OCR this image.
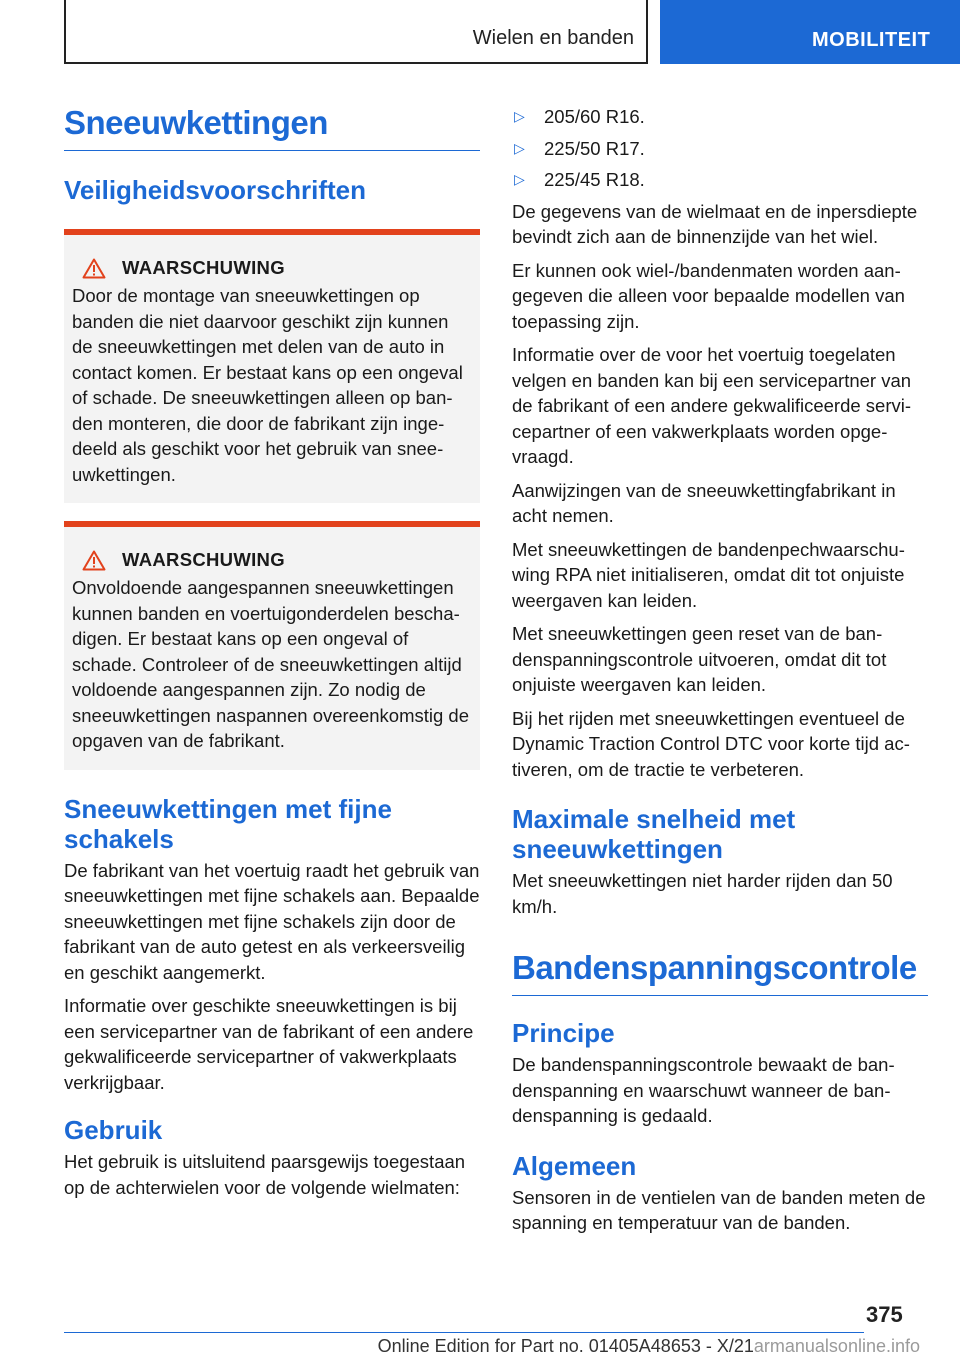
Wielen en banden	MOBILITEIT
Sneeuwkettingen
Veiligheidsvoorschriften
WAARSCHUWING

Door de montage van sneeuwkettingen op banden die niet daarvoor geschikt zijn kunnen de sneeuwkettingen met delen van de auto in contact komen. Er bestaat kans op een ongeval of schade. De sneeuwkettingen alleen op banden monteren, die door de fabrikant zijn ingedeeld als geschikt voor het gebruik van sneeuwkettingen.

WAARSCHUWING

Onvoldoende aangespannen sneeuwkettingen kunnen banden en voertuigonderdelen beschadigen. Er bestaat kans op een ongeval of schade. Controleer of de sneeuwkettingen altijd voldoende aangespannen zijn. Zo nodig de sneeuwkettingen naspannen overeenkomstig de opgaven van de fabrikant.

Sneeuwkettingen met fijne schakels

De fabrikant van het voertuig raadt het gebruik van sneeuwkettingen met fijne schakels aan. Bepaalde sneeuwkettingen met fijne schakels zijn door de fabrikant van de auto getest en als verkeersveilig en geschikt aangemerkt.

Informatie over geschikte sneeuwkettingen is bij een servicepartner van de fabrikant of een andere gekwalificeerde servicepartner of vakwerkplaats verkrijgbaar.

Gebruik

Het gebruik is uitsluitend paarsgewijs toegestaan op de achterwielen voor de volgende wielmaten:

▷	205/60 R16.
▷	225/50 R17.
▷	225/45 R18.

De gegevens van de wielmaat en de inpersdiepte bevindt zich aan de binnenzijde van het wiel.

Er kunnen ook wiel-/bandenmaten worden aangegeven die alleen voor bepaalde modellen van toepassing zijn.

Informatie over de voor het voertuig toegelaten velgen en banden kan bij een servicepartner van de fabrikant of een andere gekwalificeerde servicepartner of een vakwerkplaats worden opgevraagd.

Aanwijzingen van de sneeuwkettingfabrikant in acht nemen.

Met sneeuwkettingen de bandenpechwaarschuwing RPA niet initialiseren, omdat dit tot onjuiste weergaven kan leiden.

Met sneeuwkettingen geen reset van de bandenspanningscontrole uitvoeren, omdat dit tot onjuiste weergaven kan leiden.

Bij het rijden met sneeuwkettingen eventueel de Dynamic Traction Control DTC voor korte tijd activeren, om de tractie te verbeteren.

Maximale snelheid met sneeuwkettingen

Met sneeuwkettingen niet harder rijden dan 50 km/h.

Bandenspanningscontrole
Principe

De bandenspanningscontrole bewaakt de bandenspanning en waarschuwt wanneer de bandenspanning is gedaald.

Algemeen

Sensoren in de ventielen van de banden meten de spanning en temperatuur van de banden.

375
Online Edition for Part no. 01405A48653 - X/21armanualsonline.info
